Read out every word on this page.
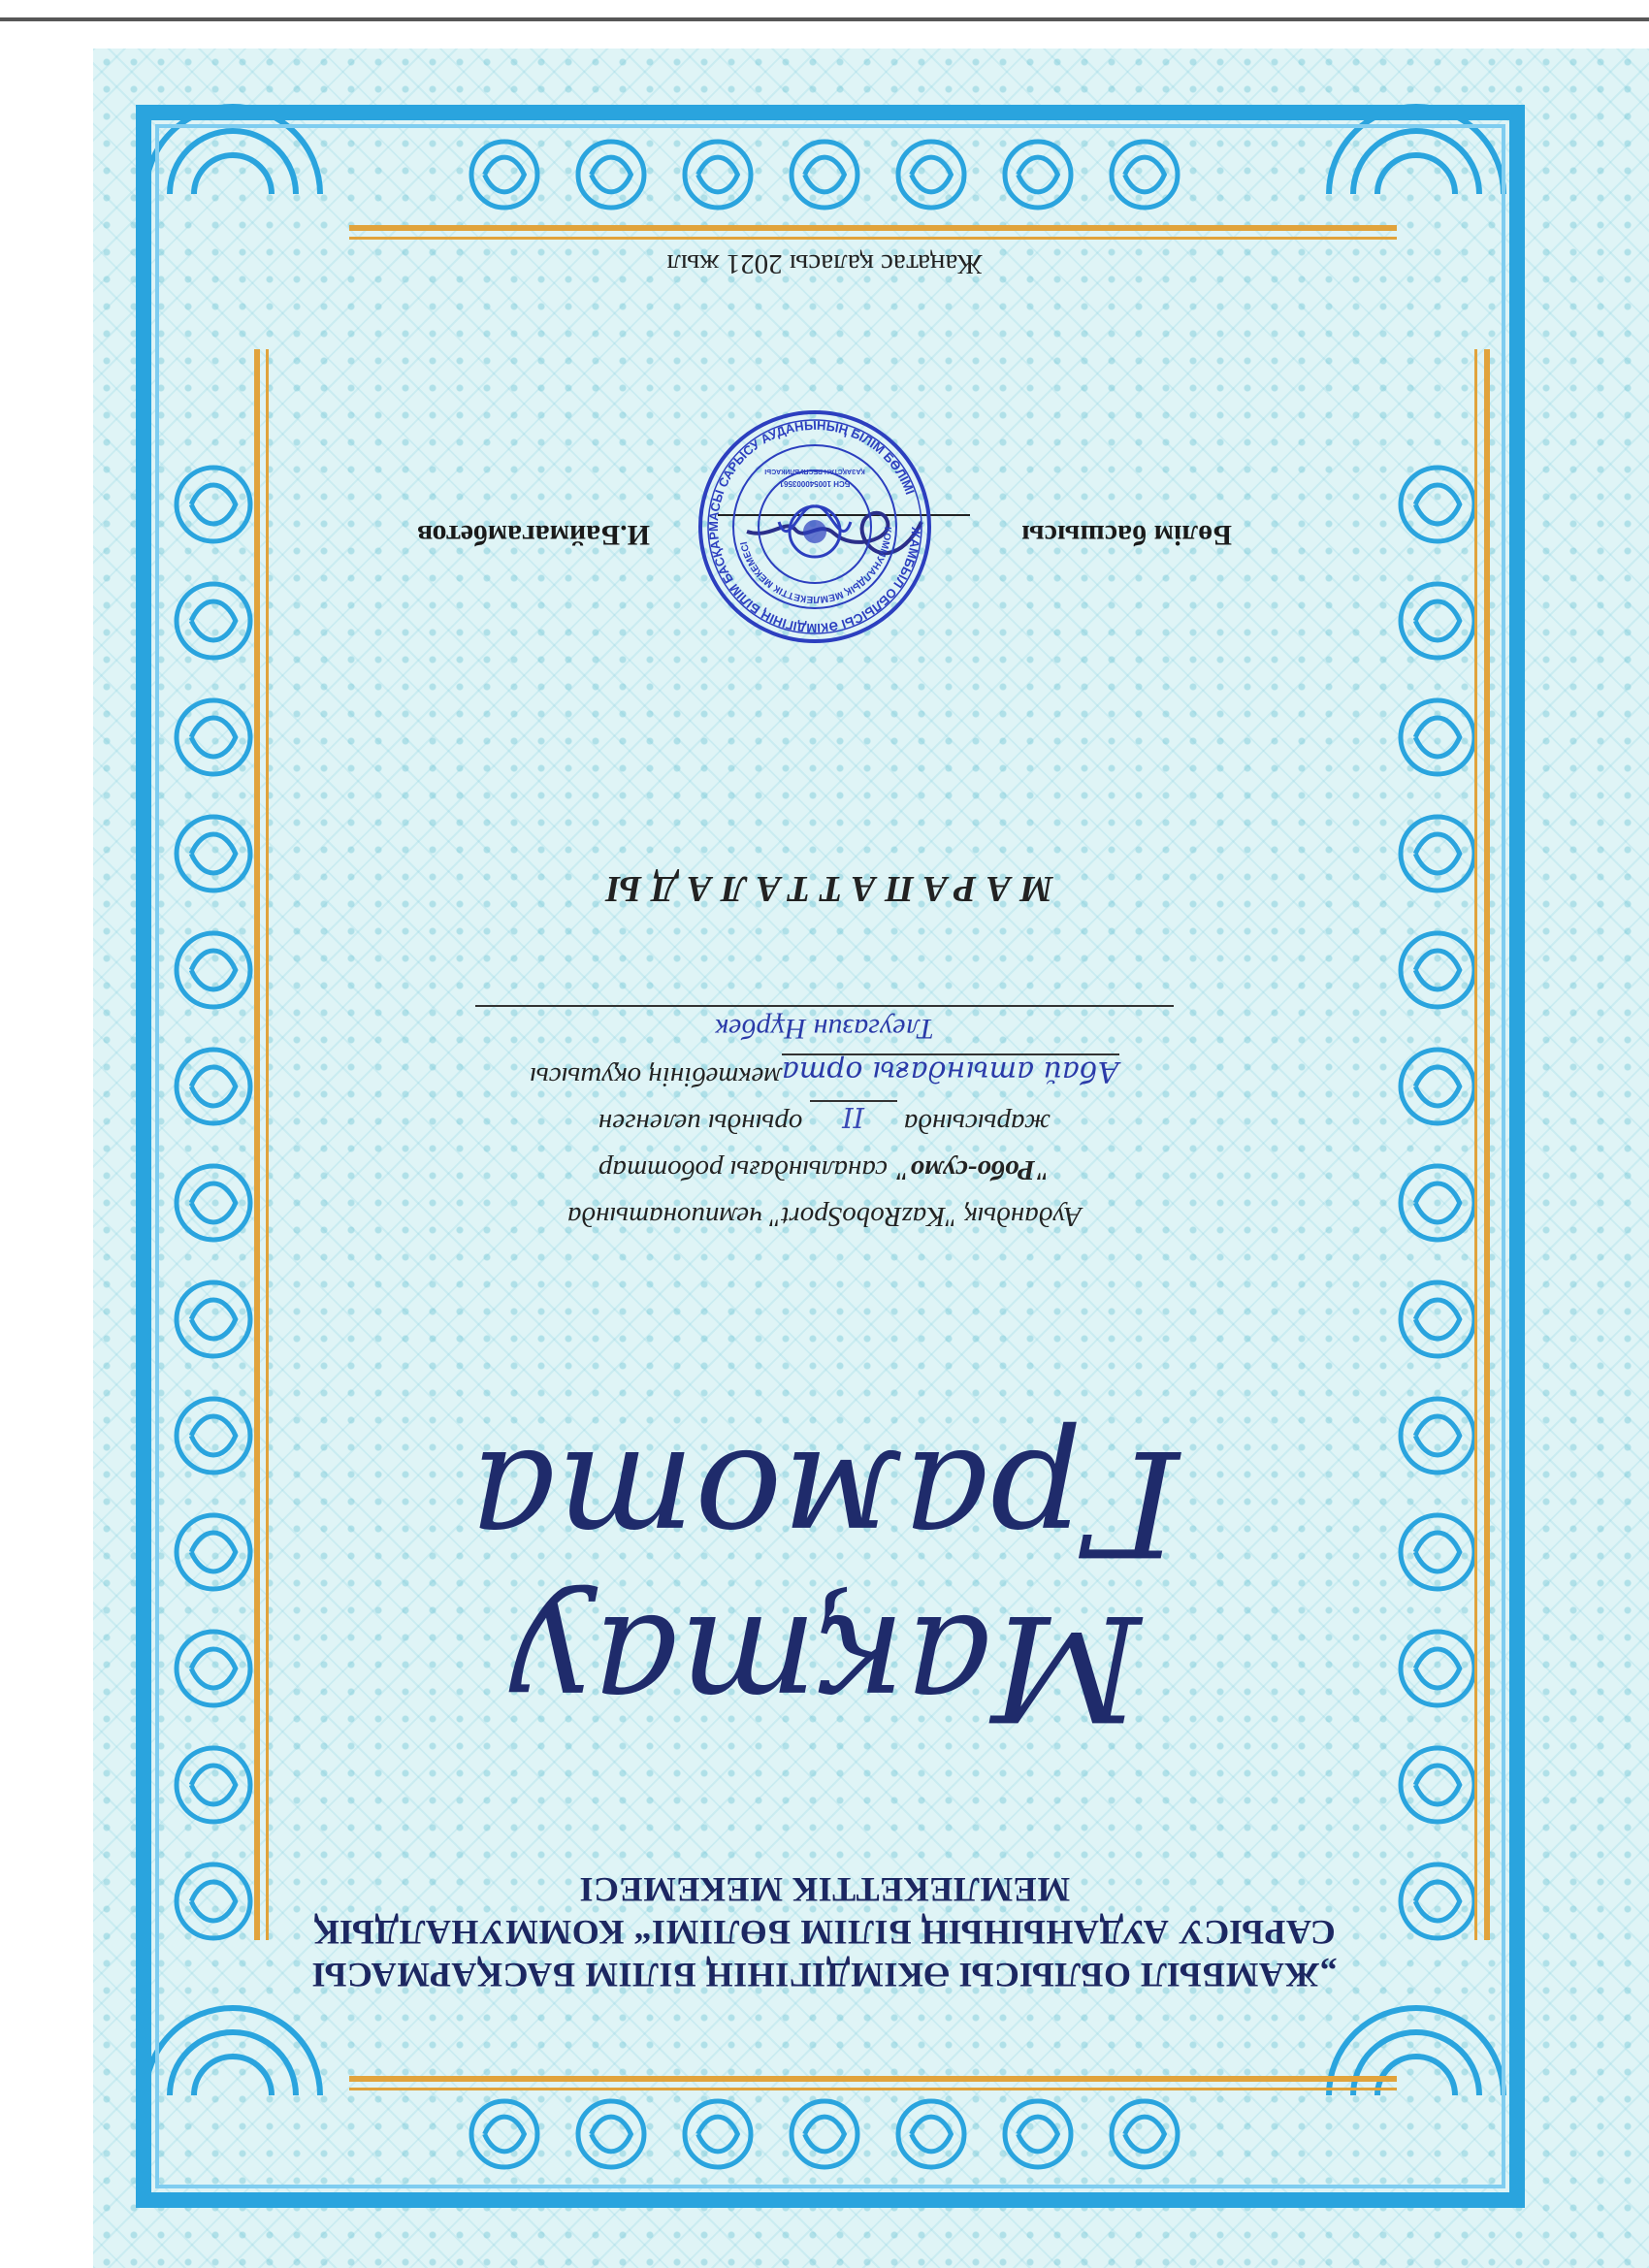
„ЖАМБЫЛ ОБЛЫСЫ ӘКІМДІГІНІҢ БІЛІМ БАСҚАРМАСЫ
САРЫСУ АУДАНЫНЫҢ БІЛІМ БӨЛІМІ“ КОММУНАЛДЫҚ
МЕМЛЕКЕТТІК МЕКЕМЕСІ
Мақтау
Грамота
Аудандық "KazRoboSport" чемпионатында
"Робо-сумо" саналындағы роботтар
жарысында II орынды иеленген
Абай атындағы ортамектебінің оқушысы
Тлеугазин Нұрбек
МАРАПАТТАЛАДЫ
Бөлім басшысы
И.Баймагамбетов	ЖАМБЫЛ ОБЛЫСЫ ӘКІМДІГІНІҢ БІЛІМ БАСҚАРМАСЫ САРЫСУ АУДАНЫНЫҢ БІЛІМ БӨЛІМІ
КОММУНАЛДЫҚ МЕМЛЕКЕТТІК МЕКЕМЕСІ
БСН 100540003561
ҚАЗАҚСТАН РЕСПУБЛИКАСЫ
Жаңатас қаласы 2021 жыл
